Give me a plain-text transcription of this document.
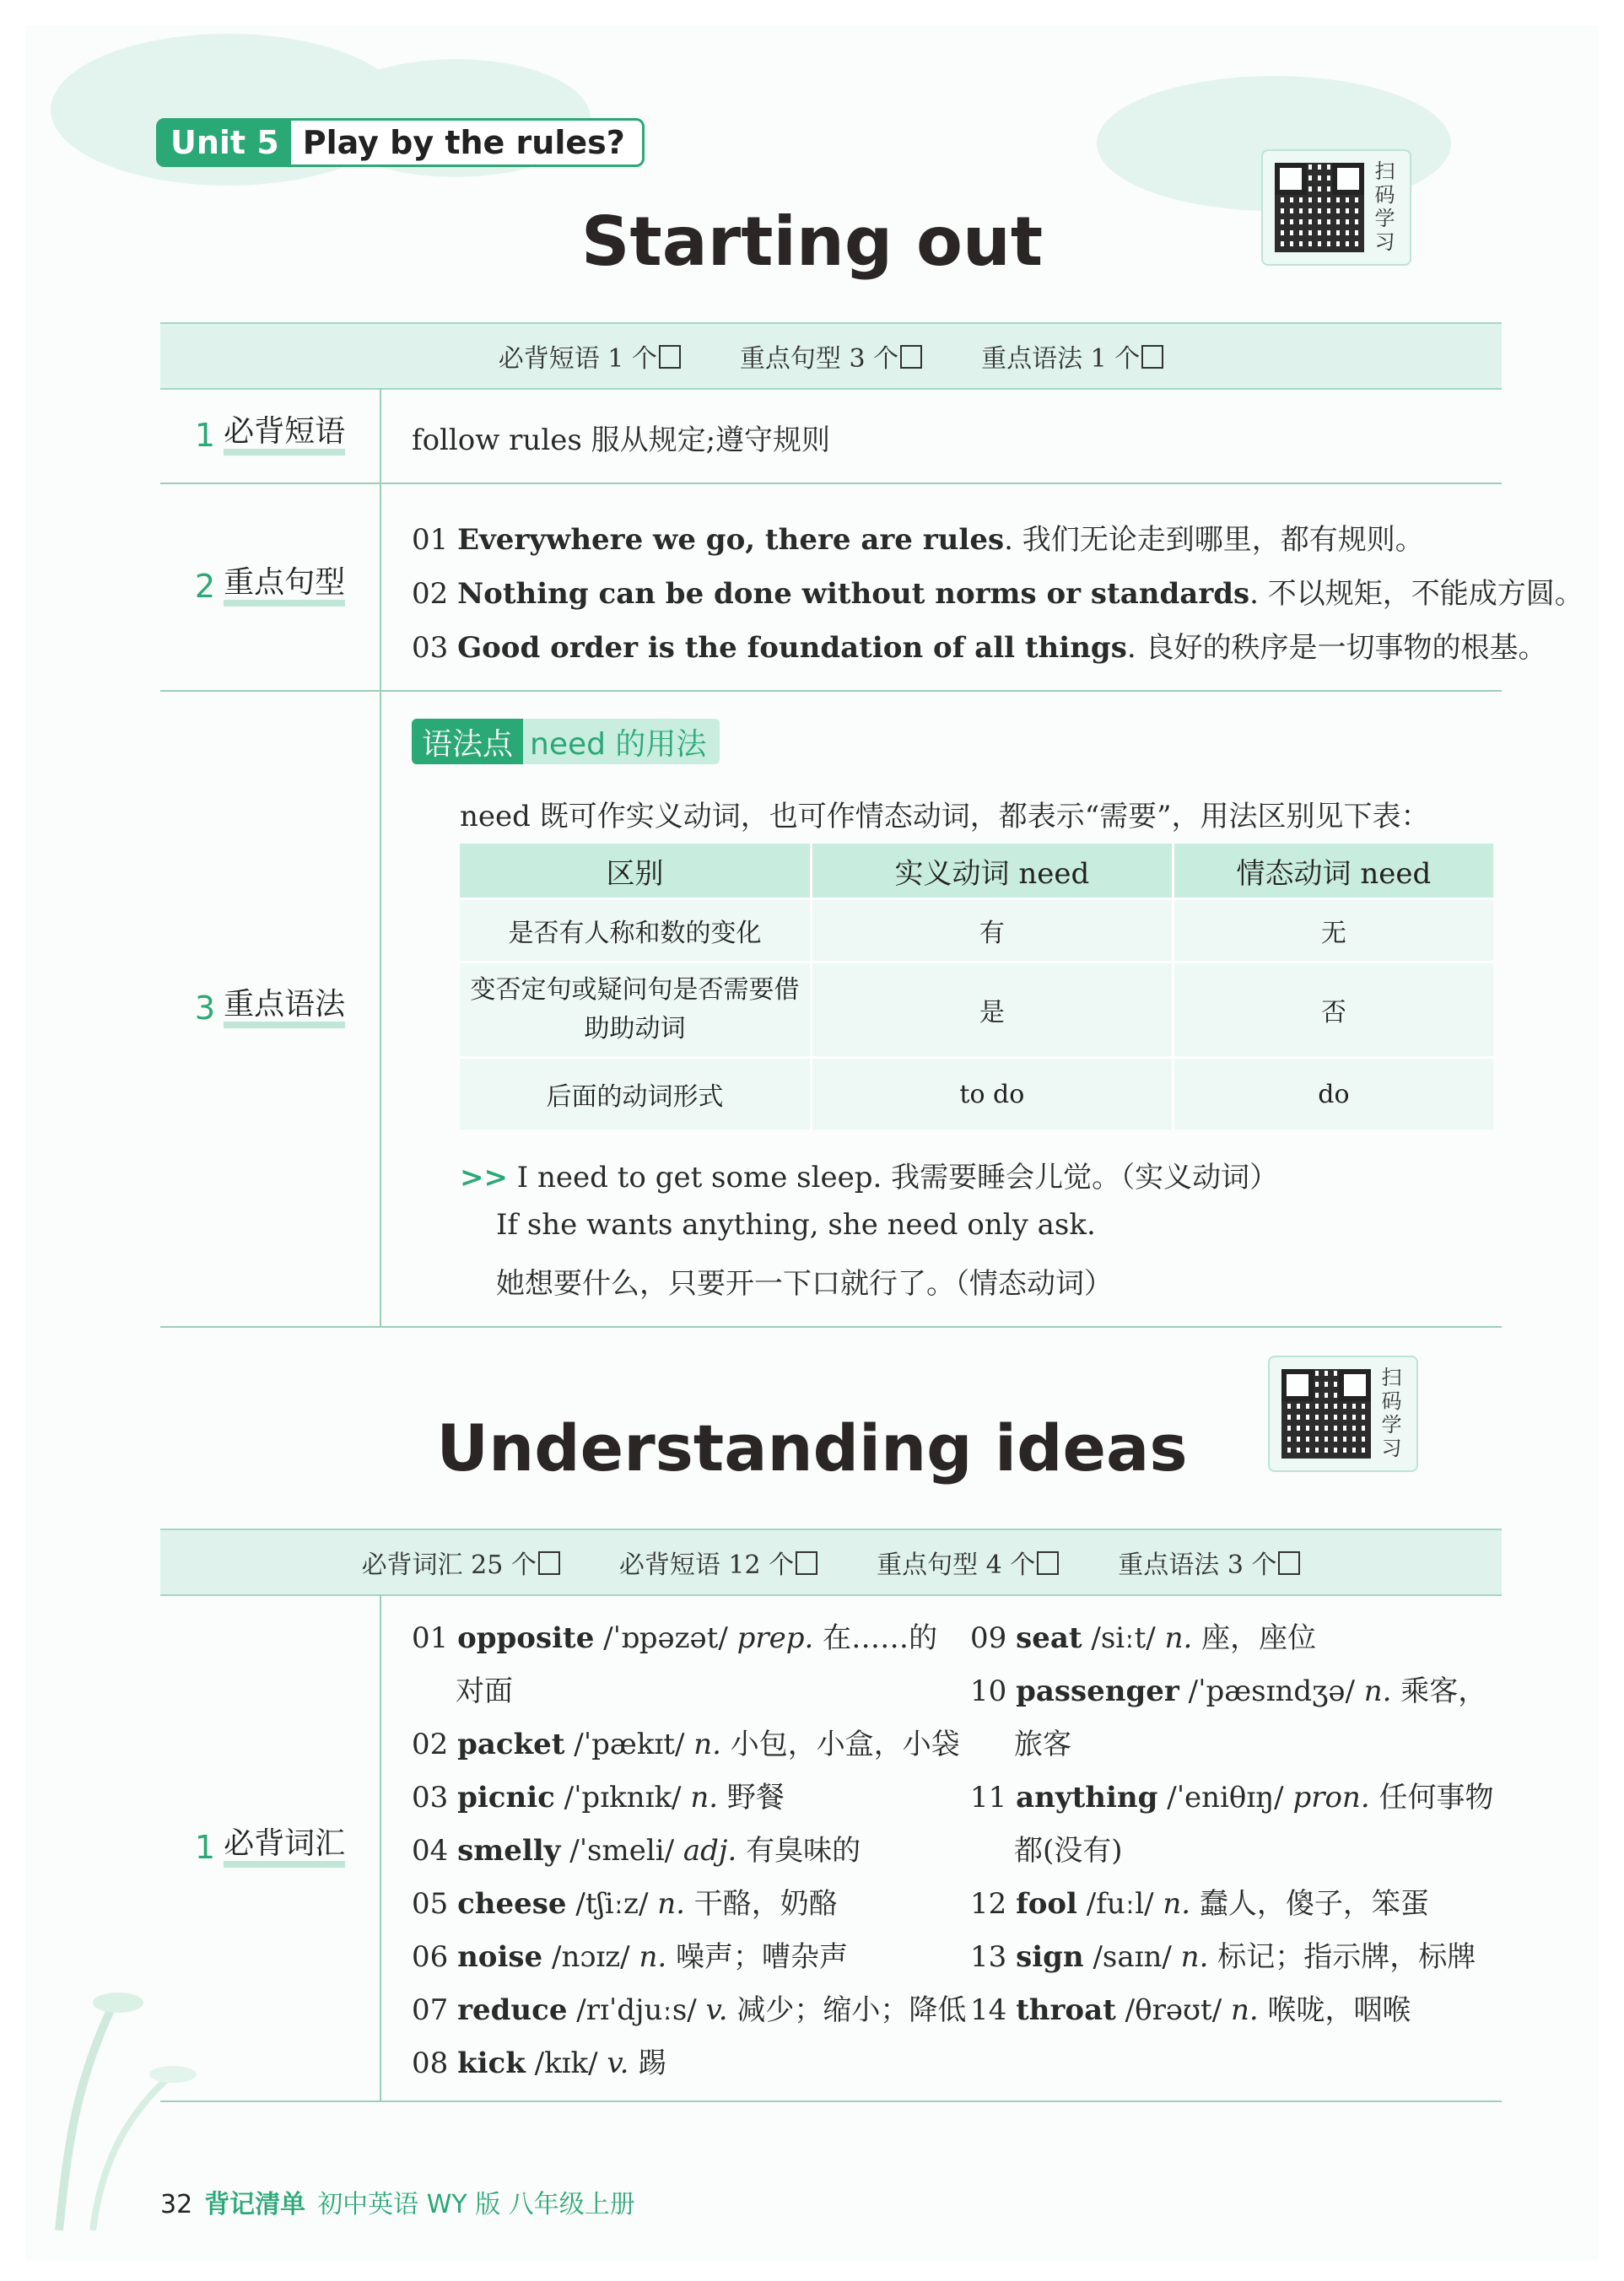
Unit 5 Play by the rules?
Starting out	扫码学习
必背短语 1 个	重点句型 3 个	重点语法 1 个
1 必背短语 follow rules 服从规定;遵守规则
2 重点句型
01 Everywhere we go, there are rules. 我们无论走到哪里，都有规则。
02 Nothing can be done without norms or standards. 不以规矩，不能成方圆。
03 Good order is the foundation of all things. 良好的秩序是一切事物的根基。
3 重点语法
语法点 need 的用法
need 既可作实义动词，也可作情态动词，都表示“需要”，用法区别见下表：
区别	实义动词 need	情态动词 need
是否有人称和数的变化	有	无
变否定句或疑问句是否需要借
助助动词	是	否
后面的动词形式	to do	do
>> I need to get some sleep. 我需要睡会儿觉。（实义动词）
If she wants anything, she need only ask.
她想要什么，只要开一下口就行了。（情态动词）
Understanding ideas	扫码学习
必背词汇 25 个	必背短语 12 个	重点句型 4 个	重点语法 3 个
1 必背词汇
01 opposite /ˈɒpəzət/ prep. 在……的
对面
02 packet /ˈpækɪt/ n. 小包，小盒，小袋
03 picnic /ˈpɪknɪk/ n. 野餐
04 smelly /ˈsmeli/ adj. 有臭味的
05 cheese /tʃiːz/ n. 干酪，奶酪
06 noise /nɔɪz/ n. 噪声；嘈杂声
07 reduce /rɪˈdjuːs/ v. 减少；缩小；降低
08 kick /kɪk/ v. 踢
09 seat /siːt/ n. 座，座位
10 passenger /ˈpæsɪndʒə/ n. 乘客，
旅客
11 anything /ˈeniθɪŋ/ pron. 任何事物
都(没有)
12 fool /fuːl/ n. 蠢人，傻子，笨蛋
13 sign /saɪn/ n. 标记；指示牌，标牌
14 throat /θrəʊt/ n. 喉咙，咽喉
32 背记清单 初中英语 WY 版 八年级上册
